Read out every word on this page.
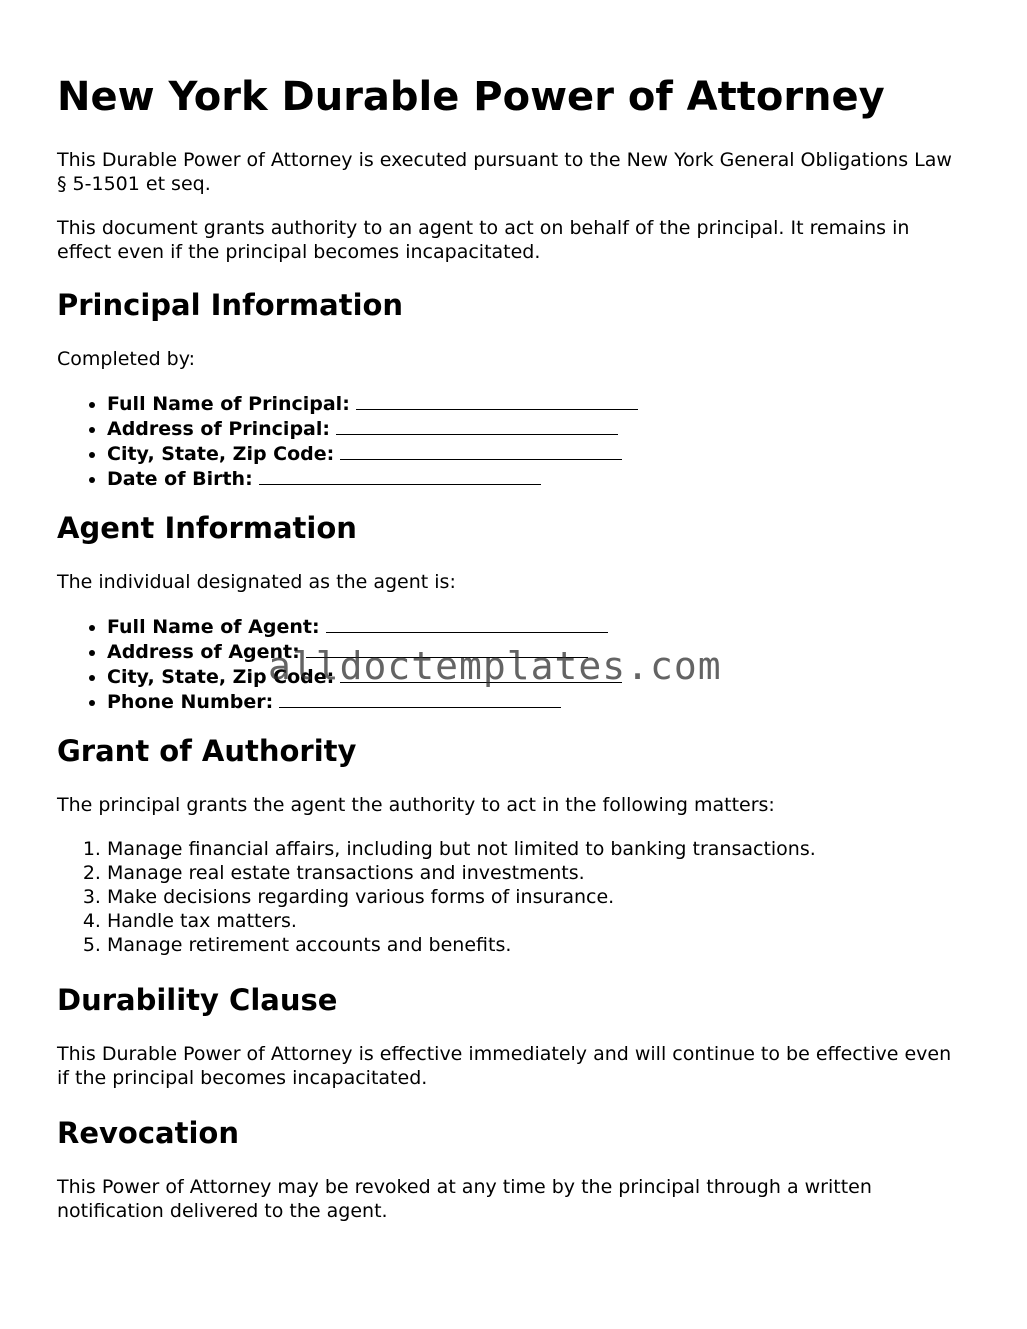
New York Durable Power of Attorney

This Durable Power of Attorney is executed pursuant to the New York General Obligations Law § 5-1501 et seq.

This document grants authority to an agent to act on behalf of the principal. It remains in effect even if the principal becomes incapacitated.

Principal Information

Completed by:

• Full Name of Principal:
• Address of Principal:
• City, State, Zip Code:
• Date of Birth:
Agent Information

The individual designated as the agent is:

• Full Name of Agent:
• Address of Agent:
• City, State, Zip Code:
• Phone Number:
Grant of Authority

The principal grants the agent the authority to act in the following matters:

1. Manage financial affairs, including but not limited to banking transactions.
2. Manage real estate transactions and investments.
3. Make decisions regarding various forms of insurance.
4. Handle tax matters.
5. Manage retirement accounts and benefits.
Durability Clause

This Durable Power of Attorney is effective immediately and will continue to be effective even if the principal becomes incapacitated.

Revocation

This Power of Attorney may be revoked at any time by the principal through a written notification delivered to the agent.

alldoctemplates.com
